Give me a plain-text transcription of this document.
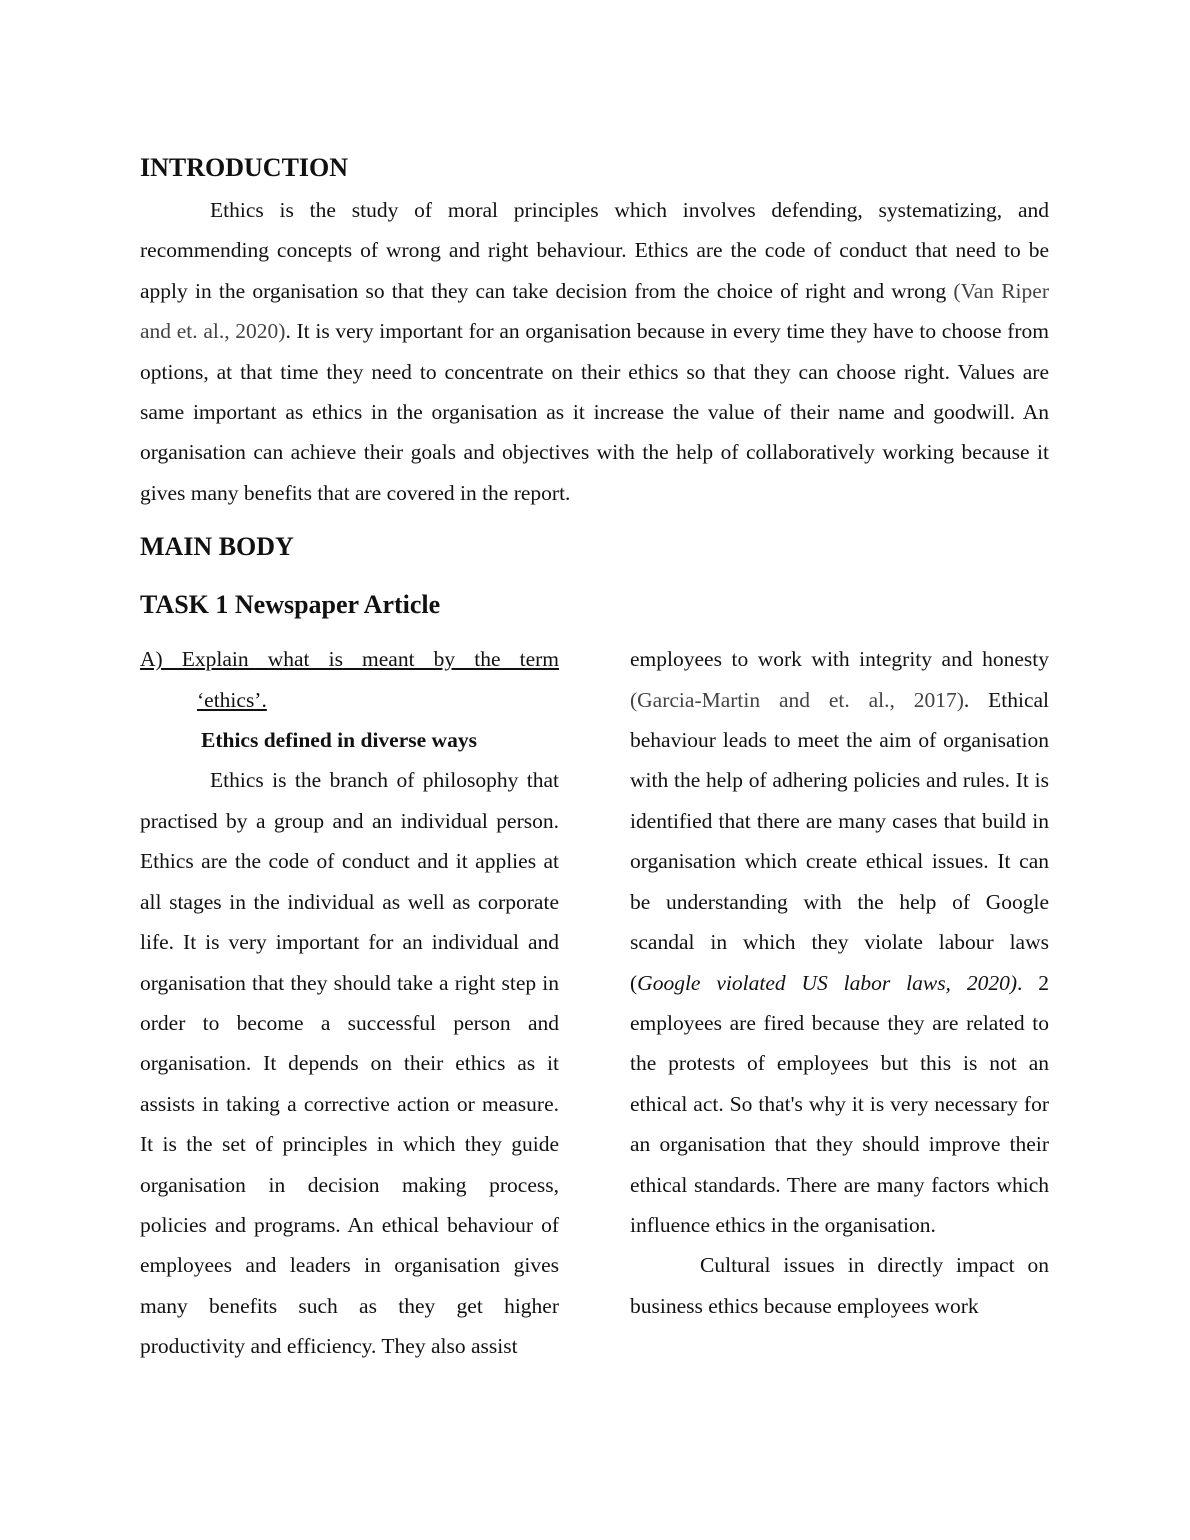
INTRODUCTION

Ethics is the study of moral principles which involves defending, systematizing, and recommending concepts of wrong and right behaviour. Ethics are the code of conduct that need to be apply in the organisation so that they can take decision from the choice of right and wrong (Van Riper and et. al., 2020). It is very important for an organisation because in every time they have to choose from options, at that time they need to concentrate on their ethics so that they can choose right. Values are same important as ethics in the organisation as it increase the value of their name and goodwill. An organisation can achieve their goals and objectives with the help of collaboratively working because it gives many benefits that are covered in the report.

MAIN BODY
TASK 1 Newspaper Article

A) Explain what is meant by the term

‘ethics’.

Ethics defined in diverse ways

Ethics is the branch of philosophy that practised by a group and an individual person. Ethics are the code of conduct and it applies at all stages in the individual as well as corporate life. It is very important for an individual and organisation that they should take a right step in order to become a successful person and organisation. It depends on their ethics as it assists in taking a corrective action or measure. It is the set of principles in which they guide organisation in decision making process, policies and programs. An ethical behaviour of employees and leaders in organisation gives many benefits such as they get higher productivity and efficiency. They also assist

employees to work with integrity and honesty (Garcia-Martin and et. al., 2017). Ethical behaviour leads to meet the aim of organisation with the help of adhering policies and rules. It is identified that there are many cases that build in organisation which create ethical issues. It can be understanding with the help of Google scandal in which they violate labour laws (Google violated US labor laws, 2020). 2 employees are fired because they are related to the protests of employees but this is not an ethical act. So that's why it is very necessary for an organisation that they should improve their ethical standards. There are many factors which influence ethics in the organisation.

Cultural issues in directly impact on business ethics because employees work
